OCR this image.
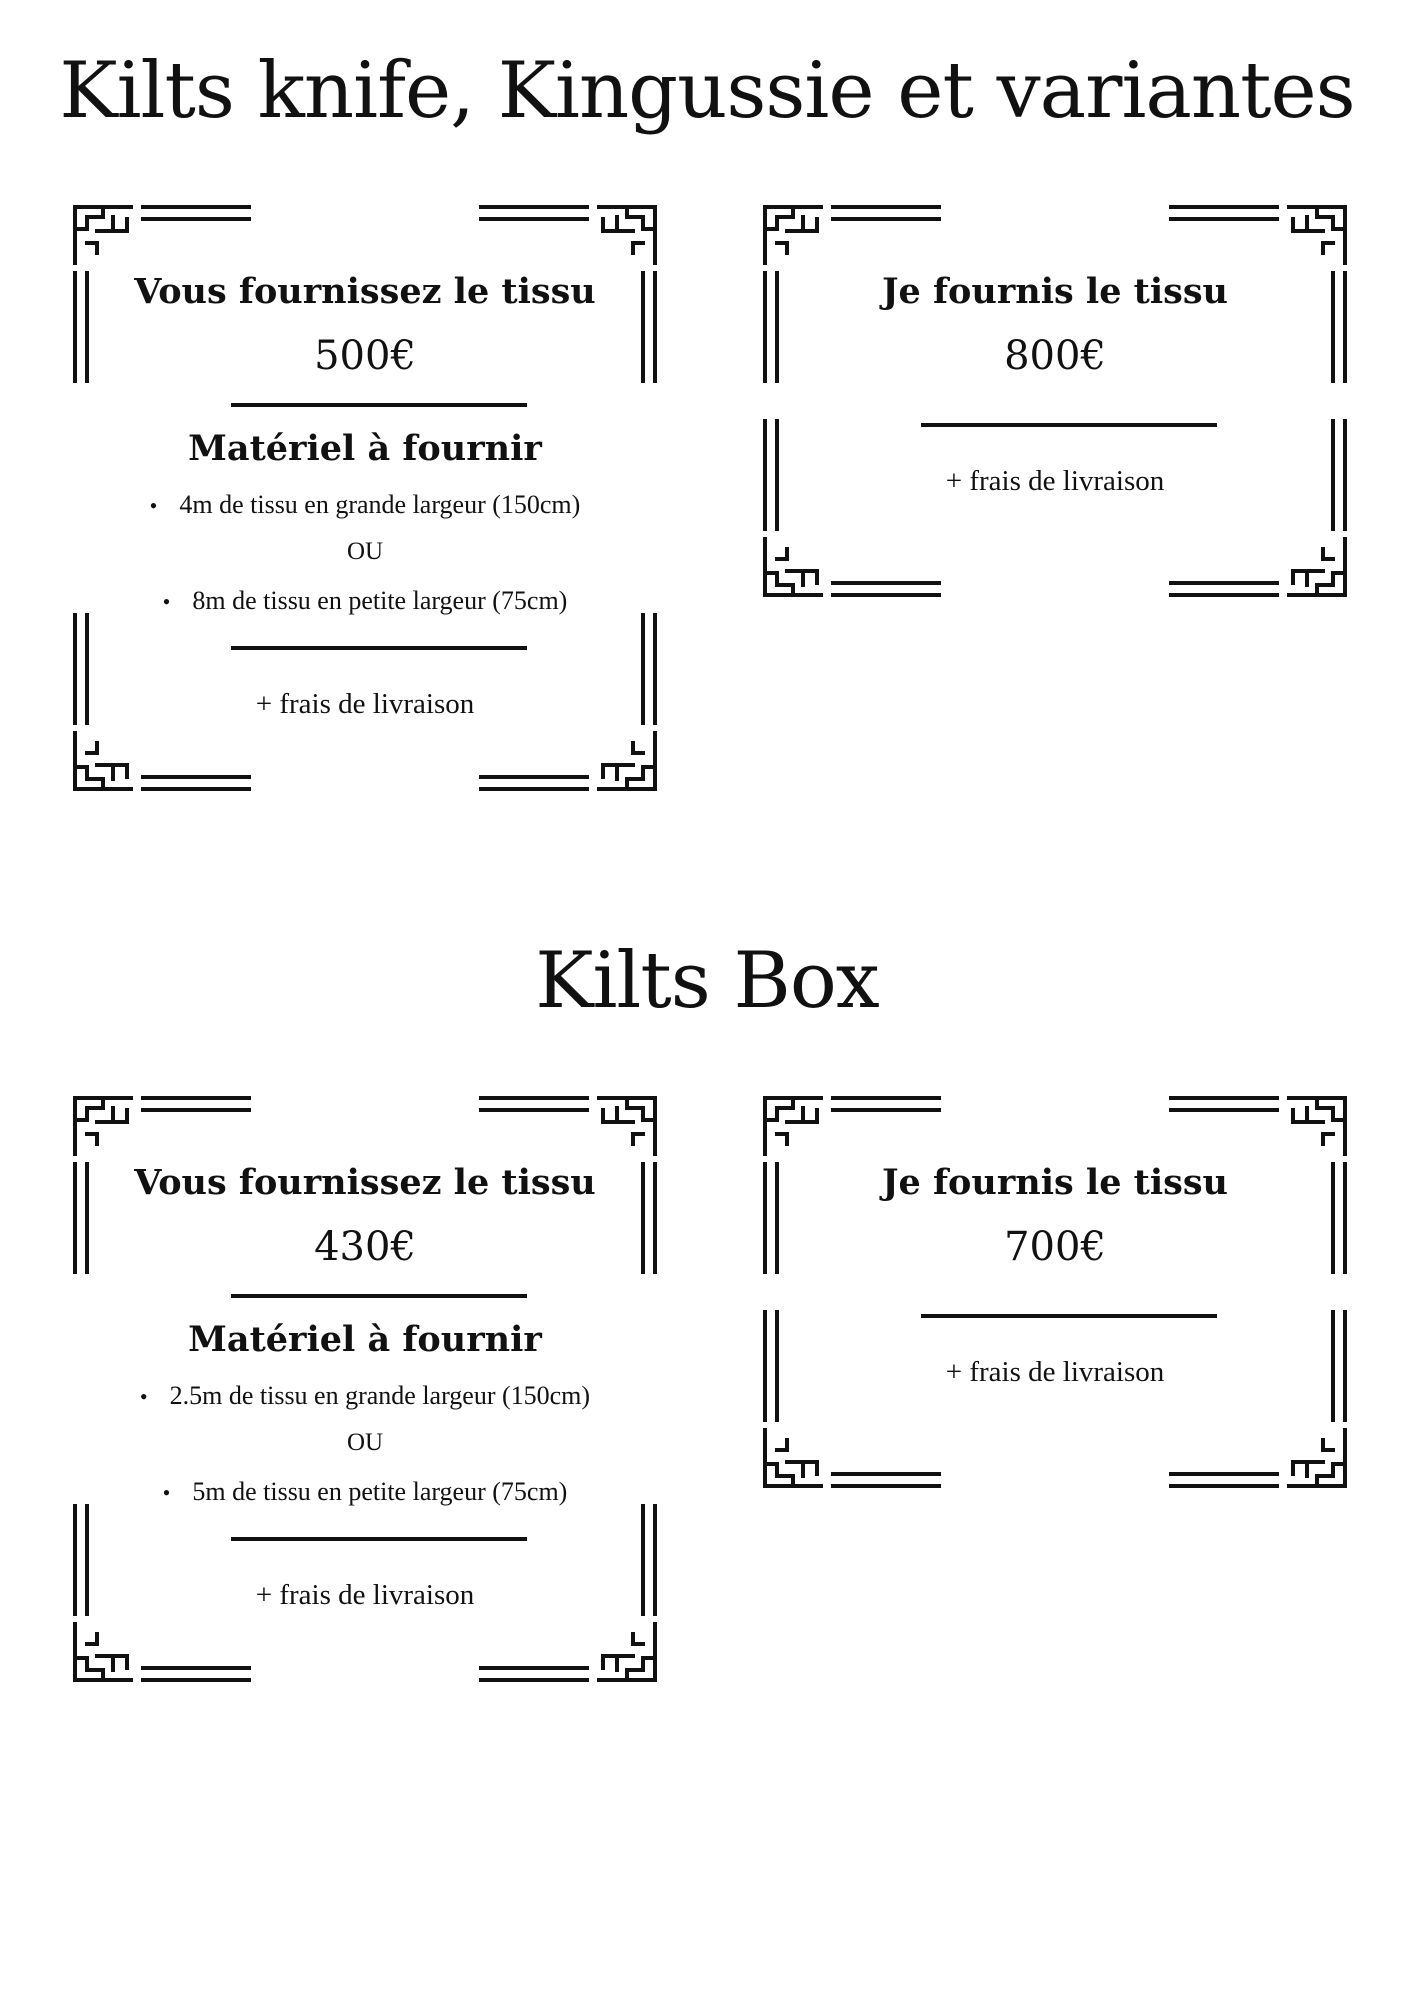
Kilts knife, Kingussie et variantes
Vous fournissez le tissu
500€
Matériel à fournir
• 4m de tissu en grande largeur (150cm)
OU
• 8m de tissu en petite largeur (75cm)
+ frais de livraison
Je fournis le tissu
800€
+ frais de livraison
Kilts Box
Vous fournissez le tissu
430€
Matériel à fournir
• 2.5m de tissu en grande largeur (150cm)
OU
• 5m de tissu en petite largeur (75cm)
+ frais de livraison
Je fournis le tissu
700€
+ frais de livraison
